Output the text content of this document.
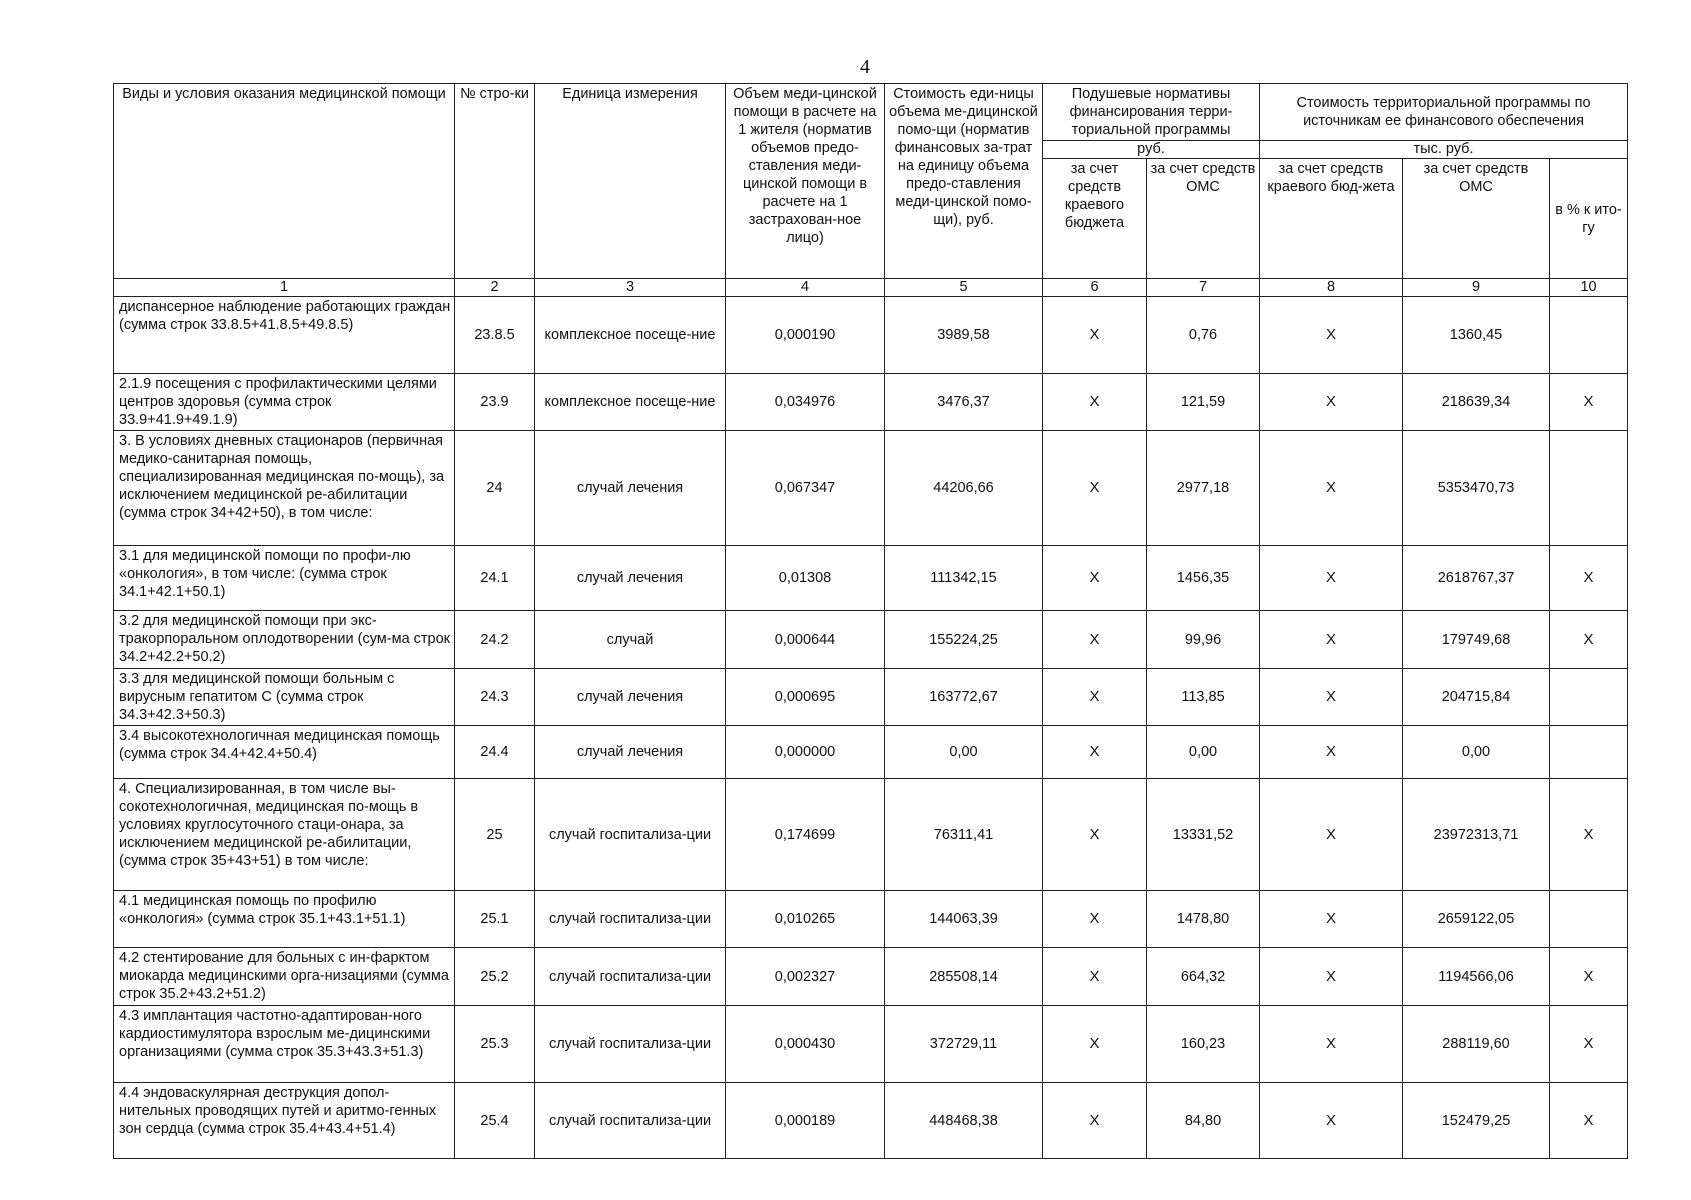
4
Виды и условия оказания медицинской помощи	№ стро-ки	Единица измерения	Объем меди-цинской помощи в расчете на 1 жителя (норматив объемов предо-ставления меди-цинской помощи в расчете на 1 застрахован-ное лицо)	Стоимость еди-ницы объема ме-дицинской помо-щи (норматив финансовых за-трат на единицу объема предо-ставления меди-цинской помо-щи), руб.	Подушевые нормативы финансирования терри-ториальной программы		Стоимость территориальной программы по источникам ее финансового обеспечения		
					руб.		тыс. руб.		
					за счет средств краевого бюджета	за счет средств ОМС	за счет средств краевого бюд-жета	за счет средств ОМС	в % к ито-гу
1	2	3	4	5	6	7	8	9	10
диспансерное наблюдение работающих граждан (сумма строк 33.8.5+41.8.5+49.8.5)	23.8.5	комплексное посеще-ние	0,000190	3989,58	X	0,76	X	1360,45	
2.1.9 посещения с профилактическими целями центров здоровья (сумма строк 33.9+41.9+49.1.9)	23.9	комплексное посеще-ние	0,034976	3476,37	X	121,59	X	218639,34	X
3. В условиях дневных стационаров (первичная медико-санитарная помощь, специализированная медицинская по-мощь), за исключением медицинской ре-абилитации (сумма строк 34+42+50), в том числе:	24	случай лечения	0,067347	44206,66	X	2977,18	X	5353470,73	
3.1 для медицинской помощи по профи-лю «онкология», в том числе: (сумма строк 34.1+42.1+50.1)	24.1	случай лечения	0,01308	111342,15	X	1456,35	X	2618767,37	X
3.2 для медицинской помощи при экс-тракорпоральном оплодотворении (сум-ма строк 34.2+42.2+50.2)	24.2	случай	0,000644	155224,25	X	99,96	X	179749,68	X
3.3 для медицинской помощи больным с вирусным гепатитом С (сумма строк 34.3+42.3+50.3)	24.3	случай лечения	0,000695	163772,67	X	113,85	X	204715,84	
3.4 высокотехнологичная медицинская помощь (сумма строк 34.4+42.4+50.4)	24.4	случай лечения	0,000000	0,00	X	0,00	X	0,00	
4. Специализированная, в том числе вы-сокотехнологичная, медицинская по-мощь в условиях круглосуточного стаци-онара, за исключением медицинской ре-абилитации, (сумма строк 35+43+51) в том числе:	25	случай госпитализа-ции	0,174699	76311,41	X	13331,52	X	23972313,71	X
4.1 медицинская помощь по профилю «онкология» (сумма строк 35.1+43.1+51.1)	25.1	случай госпитализа-ции	0,010265	144063,39	X	1478,80	X	2659122,05	
4.2 стентирование для больных с ин-фарктом миокарда медицинскими орга-низациями (сумма строк 35.2+43.2+51.2)	25.2	случай госпитализа-ции	0,002327	285508,14	X	664,32	X	1194566,06	X
4.3 имплантация частотно-адаптирован-ного кардиостимулятора взрослым ме-дицинскими организациями (сумма строк 35.3+43.3+51.3)	25.3	случай госпитализа-ции	0,000430	372729,11	X	160,23	X	288119,60	X
4.4 эндоваскулярная деструкция допол-нительных проводящих путей и аритмо-генных зон сердца (сумма строк 35.4+43.4+51.4)	25.4	случай госпитализа-ции	0,000189	448468,38	X	84,80	X	152479,25	X
